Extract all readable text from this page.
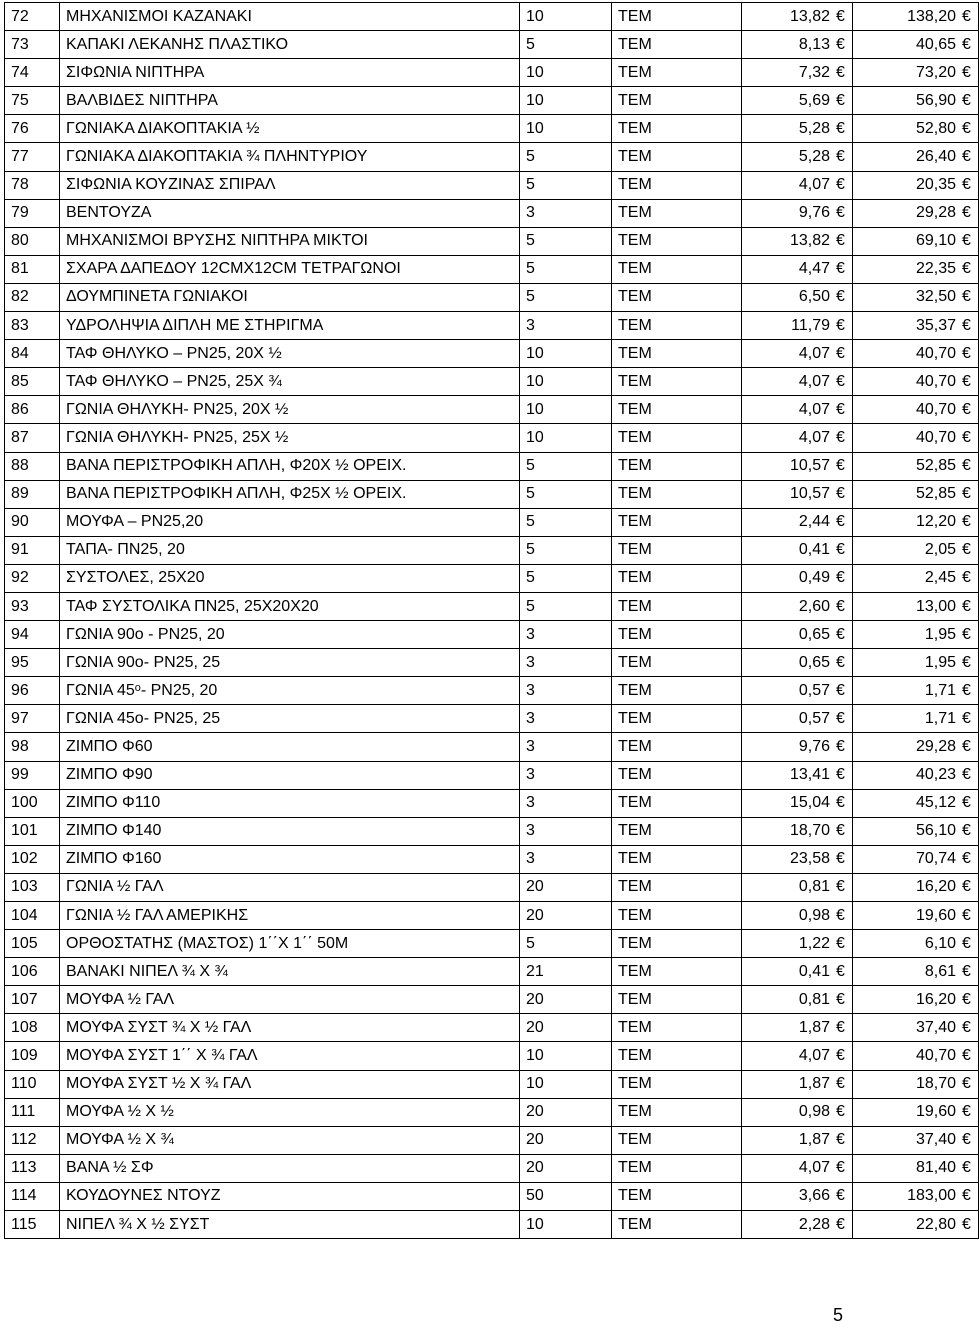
72	ΜΗΧΑΝΙΣΜΟΙ ΚΑΖΑΝΑΚΙ	10	ΤΕΜ	13,82 €	138,20 €
73	ΚΑΠΑΚΙ ΛΕΚΑΝΗΣ ΠΛΑΣΤΙΚΟ	5	ΤΕΜ	8,13 €	40,65 €
74	ΣΙΦΩΝΙΑ ΝΙΠΤΗΡΑ	10	ΤΕΜ	7,32 €	73,20 €
75	ΒΑΛΒΙΔΕΣ ΝΙΠΤΗΡΑ	10	ΤΕΜ	5,69 €	56,90 €
76	ΓΩΝΙΑΚΑ ΔΙΑΚΟΠΤΑΚΙΑ ½	10	ΤΕΜ	5,28 €	52,80 €
77	ΓΩΝΙΑΚΑ ΔΙΑΚΟΠΤΑΚΙΑ ¾ ΠΛΗΝΤΥΡΙΟΥ	5	ΤΕΜ	5,28 €	26,40 €
78	ΣΙΦΩΝΙΑ ΚΟΥΖΙΝΑΣ ΣΠΙΡΑΛ	5	ΤΕΜ	4,07 €	20,35 €
79	ΒΕΝΤΟΥΖΑ	3	ΤΕΜ	9,76 €	29,28 €
80	ΜΗΧΑΝΙΣΜΟΙ ΒΡΥΣΗΣ ΝΙΠΤΗΡΑ ΜΙΚΤΟΙ	5	ΤΕΜ	13,82 €	69,10 €
81	ΣΧΑΡΑ ΔΑΠΕΔΟΥ 12CMX12CM ΤΕΤΡΑΓΩΝΟΙ	5	ΤΕΜ	4,47 €	22,35 €
82	ΔΟΥΜΠΙΝΕΤΑ ΓΩΝΙΑΚΟΙ	5	ΤΕΜ	6,50 €	32,50 €
83	ΥΔΡΟΛΗΨΙΑ ΔΙΠΛΗ ΜΕ ΣΤΗΡΙΓΜΑ	3	ΤΕΜ	11,79 €	35,37 €
84	ΤΑΦ ΘΗΛΥΚΟ – PN25, 20Χ ½	10	ΤΕΜ	4,07 €	40,70 €
85	ΤΑΦ ΘΗΛΥΚΟ – PN25, 25Χ ¾	10	ΤΕΜ	4,07 €	40,70 €
86	ΓΩΝΙΑ ΘΗΛΥΚΗ- PN25, 20Χ ½	10	ΤΕΜ	4,07 €	40,70 €
87	ΓΩΝΙΑ ΘΗΛΥΚΗ- PN25, 25Χ ½	10	ΤΕΜ	4,07 €	40,70 €
88	ΒΑΝΑ ΠΕΡΙΣΤΡΟΦΙΚΗ ΑΠΛΗ, Φ20Χ ½ ΟΡΕΙΧ.	5	ΤΕΜ	10,57 €	52,85 €
89	ΒΑΝΑ ΠΕΡΙΣΤΡΟΦΙΚΗ ΑΠΛΗ, Φ25Χ ½ ΟΡΕΙΧ.	5	ΤΕΜ	10,57 €	52,85 €
90	ΜΟΥΦΑ – PN25,20	5	ΤΕΜ	2,44 €	12,20 €
91	ΤΑΠΑ- ΠΝ25, 20	5	ΤΕΜ	0,41 €	2,05 €
92	ΣΥΣΤΟΛΕΣ, 25Χ20	5	ΤΕΜ	0,49 €	2,45 €
93	ΤΑΦ ΣΥΣΤΟΛΙΚΑ ΠΝ25, 25Χ20Χ20	5	ΤΕΜ	2,60 €	13,00 €
94	ΓΩΝΙΑ 90ο - PN25, 20	3	ΤΕΜ	0,65 €	1,95 €
95	ΓΩΝΙΑ 90ο- PN25, 25	3	ΤΕΜ	0,65 €	1,95 €
96	ΓΩΝΙΑ 45ᵒ- PN25, 20	3	ΤΕΜ	0,57 €	1,71 €
97	ΓΩΝΙΑ 45ο- PN25, 25	3	ΤΕΜ	0,57 €	1,71 €
98	ΖΙΜΠΟ Φ60	3	ΤΕΜ	9,76 €	29,28 €
99	ΖΙΜΠΟ Φ90	3	ΤΕΜ	13,41 €	40,23 €
100	ΖΙΜΠΟ Φ110	3	ΤΕΜ	15,04 €	45,12 €
101	ΖΙΜΠΟ Φ140	3	ΤΕΜ	18,70 €	56,10 €
102	ΖΙΜΠΟ Φ160	3	ΤΕΜ	23,58 €	70,74 €
103	ΓΩΝΙΑ ½ ΓΑΛ	20	ΤΕΜ	0,81 €	16,20 €
104	ΓΩΝΙΑ ½ ΓΑΛ ΑΜΕΡΙΚΗΣ	20	ΤΕΜ	0,98 €	19,60 €
105	ΟΡΘΟΣΤΑΤΗΣ (ΜΑΣΤΟΣ) 1΄΄Χ 1΄΄ 50Μ	5	ΤΕΜ	1,22 €	6,10 €
106	ΒΑΝΑΚΙ ΝΙΠΕΛ ¾ Χ ¾	21	ΤΕΜ	0,41 €	8,61 €
107	ΜΟΥΦΑ ½ ΓΑΛ	20	ΤΕΜ	0,81 €	16,20 €
108	ΜΟΥΦΑ ΣΥΣΤ ¾ Χ ½ ΓΑΛ	20	ΤΕΜ	1,87 €	37,40 €
109	ΜΟΥΦΑ ΣΥΣΤ 1΄΄ Χ ¾ ΓΑΛ	10	ΤΕΜ	4,07 €	40,70 €
110	ΜΟΥΦΑ ΣΥΣΤ ½ Χ ¾ ΓΑΛ	10	ΤΕΜ	1,87 €	18,70 €
111	ΜΟΥΦΑ ½ Χ ½	20	ΤΕΜ	0,98 €	19,60 €
112	ΜΟΥΦΑ ½ Χ ¾	20	ΤΕΜ	1,87 €	37,40 €
113	ΒΑΝΑ ½ ΣΦ	20	ΤΕΜ	4,07 €	81,40 €
114	ΚΟΥΔΟΥΝΕΣ ΝΤΟΥΖ	50	ΤΕΜ	3,66 €	183,00 €
115	ΝΙΠΕΛ ¾ Χ ½ ΣΥΣΤ	10	ΤΕΜ	2,28 €	22,80 €
5
